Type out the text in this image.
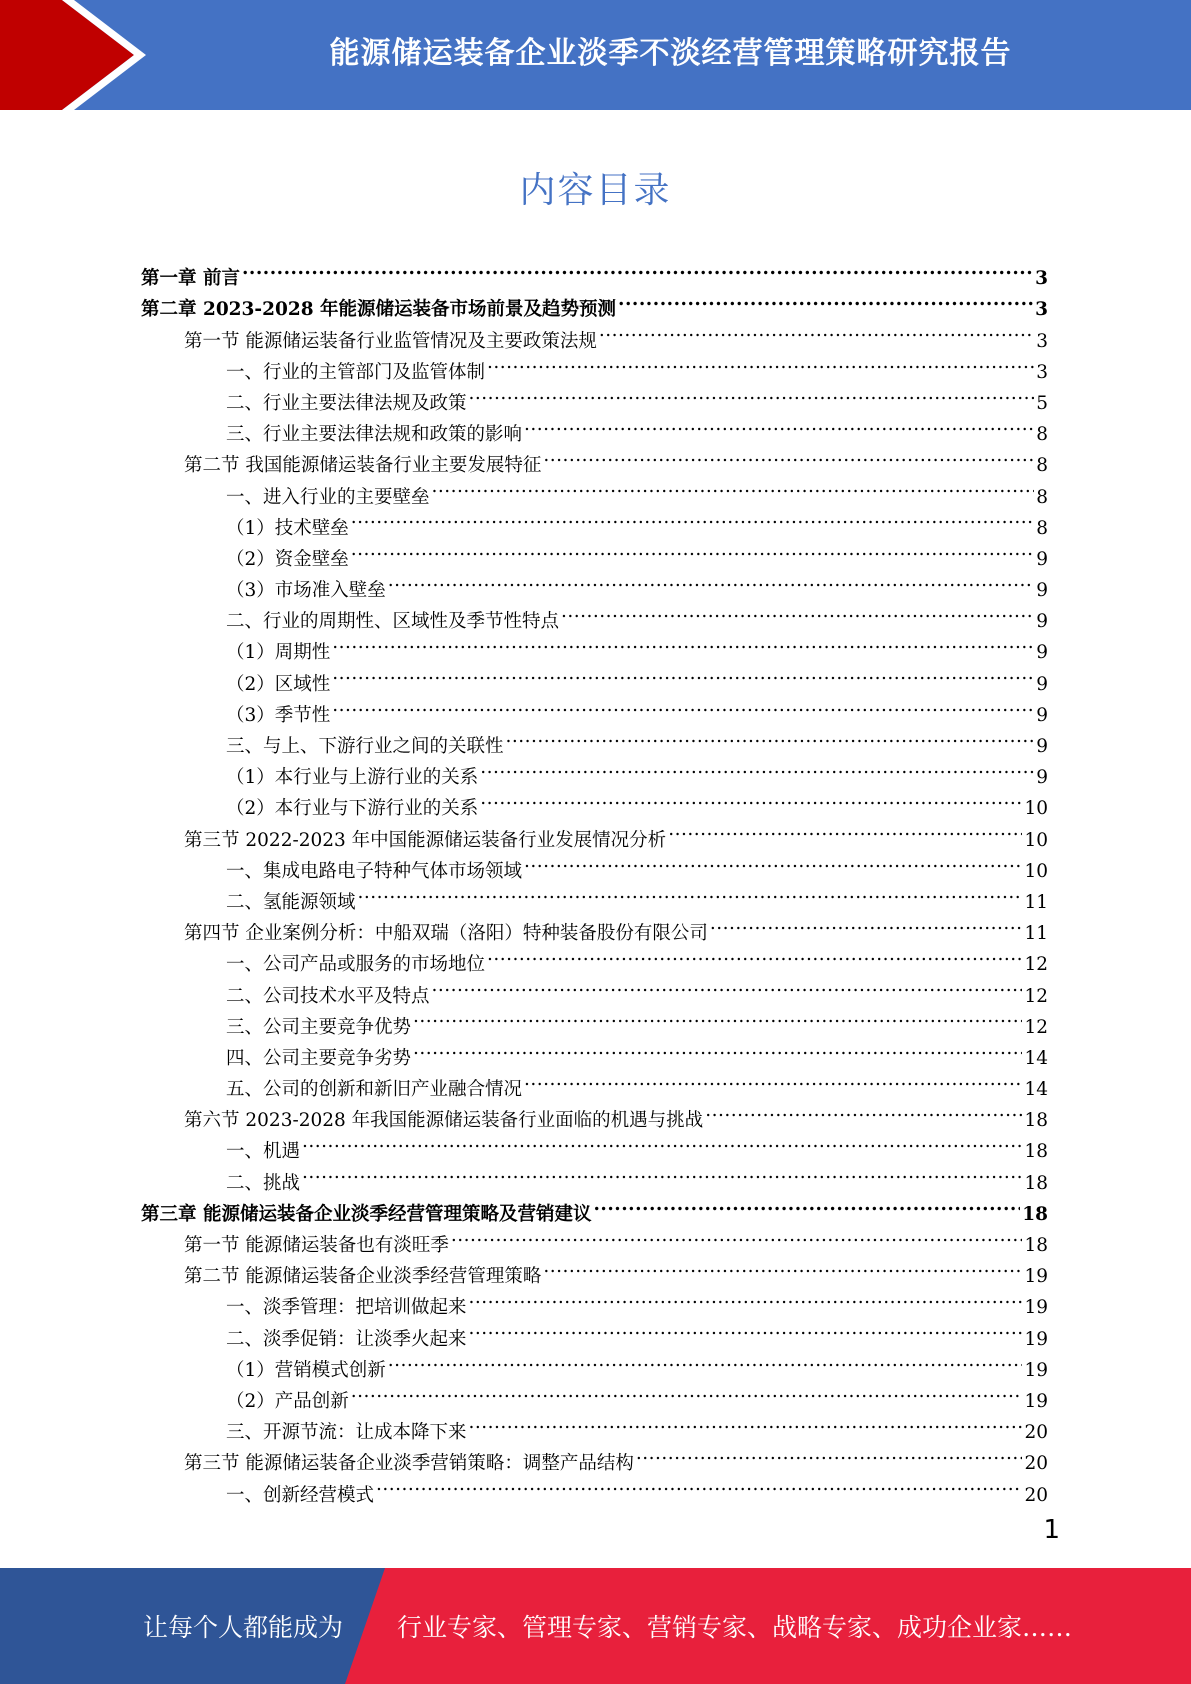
能源储运装备企业淡季不淡经营管理策略研究报告
内容目录
第一章 前言 .....	3
第二章 2023-2028 年能源储运装备市场前景及趋势预测 .....	3
第一节 能源储运装备行业监管情况及主要政策法规 .....	3
一、行业的主管部门及监管体制 .....	3
二、行业主要法律法规及政策 .....	5
三、行业主要法律法规和政策的影响 .....	8
第二节 我国能源储运装备行业主要发展特征 .....	8
一、进入行业的主要壁垒 .....	8
（1）技术壁垒 .....	8
（2）资金壁垒 .....	9
（3）市场准入壁垒 .....	9
二、行业的周期性、区域性及季节性特点 .....	9
（1）周期性 .....	9
（2）区域性 .....	9
（3）季节性 .....	9
三、与上、下游行业之间的关联性 .....	9
（1）本行业与上游行业的关系 .....	9
（2）本行业与下游行业的关系 .....	10
第三节 2022-2023 年中国能源储运装备行业发展情况分析 .....	10
一、集成电路电子特种气体市场领域 .....	10
二、氢能源领域 .....	11
第四节 企业案例分析：中船双瑞（洛阳）特种装备股份有限公司 .....	11
一、公司产品或服务的市场地位 .....	12
二、公司技术水平及特点 .....	12
三、公司主要竞争优势 .....	12
四、公司主要竞争劣势 .....	14
五、公司的创新和新旧产业融合情况 .....	14
第六节 2023-2028 年我国能源储运装备行业面临的机遇与挑战 .....	18
一、机遇 .....	18
二、挑战 .....	18
第三章 能源储运装备企业淡季经营管理策略及营销建议 .....	18
第一节 能源储运装备也有淡旺季 .....	18
第二节 能源储运装备企业淡季经营管理策略 .....	19
一、淡季管理：把培训做起来 .....	19
二、淡季促销：让淡季火起来 .....	19
（1）营销模式创新 .....	19
（2）产品创新 .....	19
三、开源节流：让成本降下来 .....	20
第三节 能源储运装备企业淡季营销策略：调整产品结构 .....	20
一、创新经营模式 .....	20
1
让每个人都能成为 行业专家、管理专家、营销专家、战略专家、成功企业家……
